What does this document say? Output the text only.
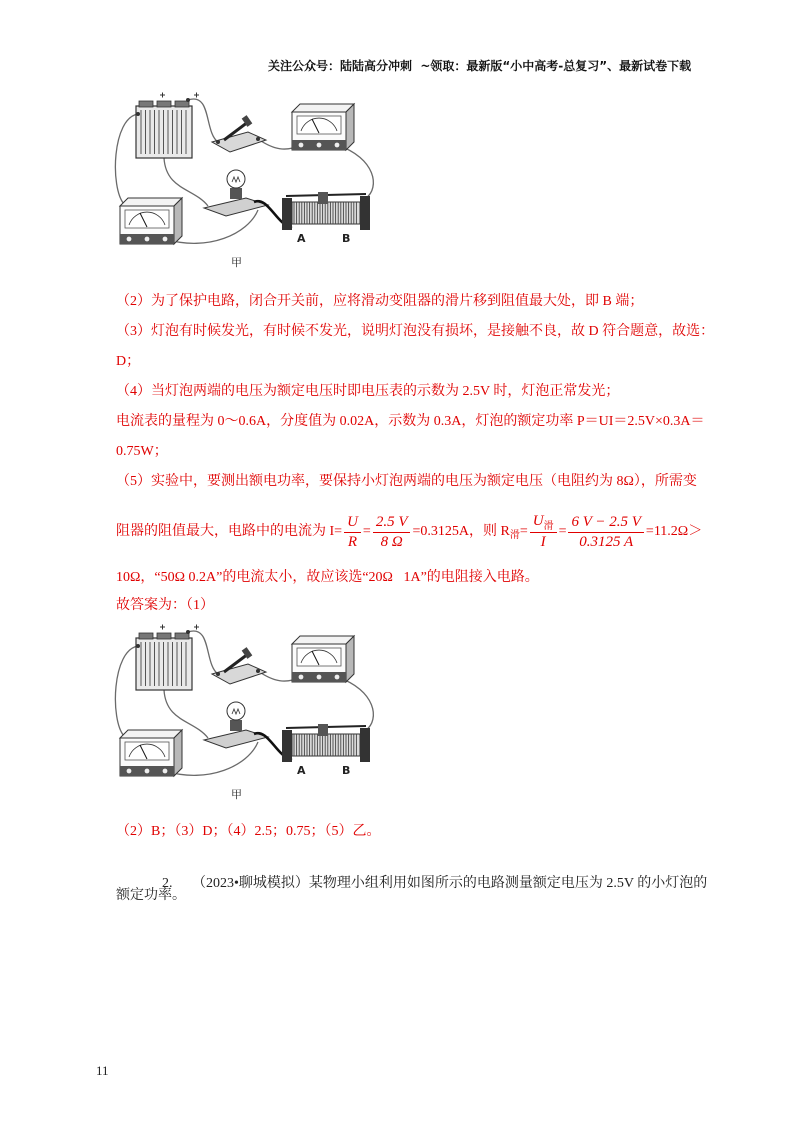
关注公众号：陆陆高分冲刺  ~领取：最新版“小中高考-总复习”、最新试卷下载
A	B
甲
（2）为了保护电路，闭合开关前，应将滑动变阻器的滑片移到阻值最大处，即 B 端；
（3）灯泡有时候发光，有时候不发光，说明灯泡没有损坏，是接触不良，故 D 符合题意，故选：
D；
（4）当灯泡两端的电压为额定电压时即电压表的示数为 2.5V 时，灯泡正常发光；
电流表的量程为 0～0.6A，分度值为 0.02A，示数为 0.3A，灯泡的额定功率 P＝UI＝2.5V×0.3A＝
0.75W；
（5）实验中，要测出额电功率，要保持小灯泡两端的电压为额定电压（电阻约为 8Ω），所需变
阻器的阻值最大，电路中的电流为 $I= \frac{U}{R} = \frac{2.5 V}{8 \Omega} =0.3125A$，则 R 滑 = $\frac{U_滑}{I} = \frac{6 V - 2.5 V}{0.3125 A} =11.2\Omega>$
10Ω，“50Ω 0.2A”的电流太小，故应该选“20Ω   1A”的电阻接入电路。
故答案为：（1）
A	B
甲
（2）B；（3）D；（4）2.5；0.75；（5）乙。

2. （2023•聊城模拟）某物理小组利用如图所示的电路测量额定电压为 2.5V 的小灯泡的

额定功率。
11
